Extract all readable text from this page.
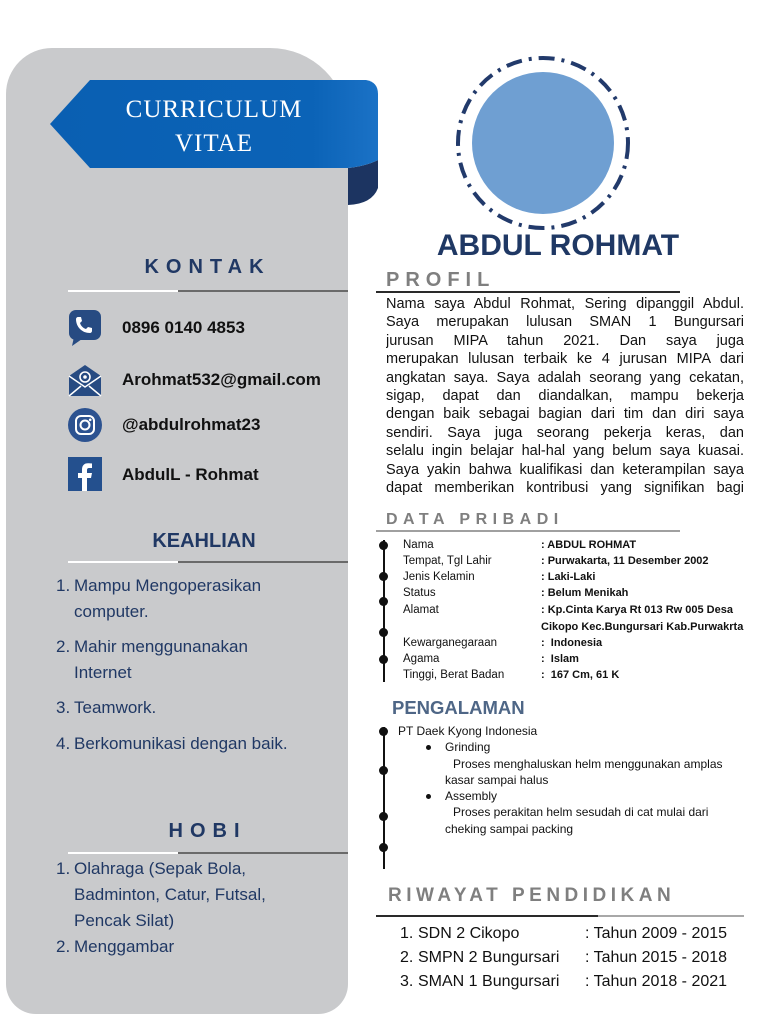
CURRICULUM
VITAE
KONTAK
0896 0140 4853
Arohmat532@gmail.com
@abdulrohmat23
AbdulL - Rohmat
KEAHLIAN
1. Mampu Mengoperasikan
computer.
2. Mahir menggunanakan
Internet
3. Teamwork.
4. Berkomunikasi dengan baik.
HOBI
1. Olahraga (Sepak Bola,
Badminton, Catur, Futsal,
Pencak Silat)
2. Menggambar
ABDUL ROHMAT
PROFIL
Nama saya Abdul Rohmat, Sering dipanggil Abdul.
Saya merupakan lulusan SMAN 1 Bungursari
jurusan MIPA tahun 2021. Dan saya juga
merupakan lulusan terbaik ke 4 jurusan MIPA dari
angkatan saya. Saya adalah seorang yang cekatan,
sigap, dapat dan diandalkan, mampu bekerja
dengan baik sebagai bagian dari tim dan diri saya
sendiri. Saya juga seorang pekerja keras, dan
selalu ingin belajar hal-hal yang belum saya kuasai.
Saya yakin bahwa kualifikasi dan keterampilan saya
dapat memberikan kontribusi yang signifikan bagi
DATA PRIBADI
Nama	: ABDUL ROHMAT
Tempat, Tgl Lahir	: Purwakarta, 11 Desember 2002
Jenis Kelamin	: Laki-Laki
Status	: Belum Menikah
Alamat	: Kp.Cinta Karya Rt 013 Rw 005 Desa
Cikopo Kec.Bungursari Kab.Purwakrta
Kewarganegaraan	:  Indonesia
Agama	:  Islam
Tinggi, Berat Badan	:  167 Cm, 61 K
PENGALAMAN
PT Daek Kyong Indonesia
Grinding
Proses menghaluskan helm menggunakan amplas
kasar sampai halus
Assembly
Proses perakitan helm sesudah di cat mulai dari
cheking sampai packing
RIWAYAT PENDIDIKAN
1. SDN 2 Cikopo	: Tahun 2009 - 2015
2. SMPN 2 Bungursari : Tahun 2015 - 2018
3. SMAN 1 Bungursari : Tahun 2018 - 2021
